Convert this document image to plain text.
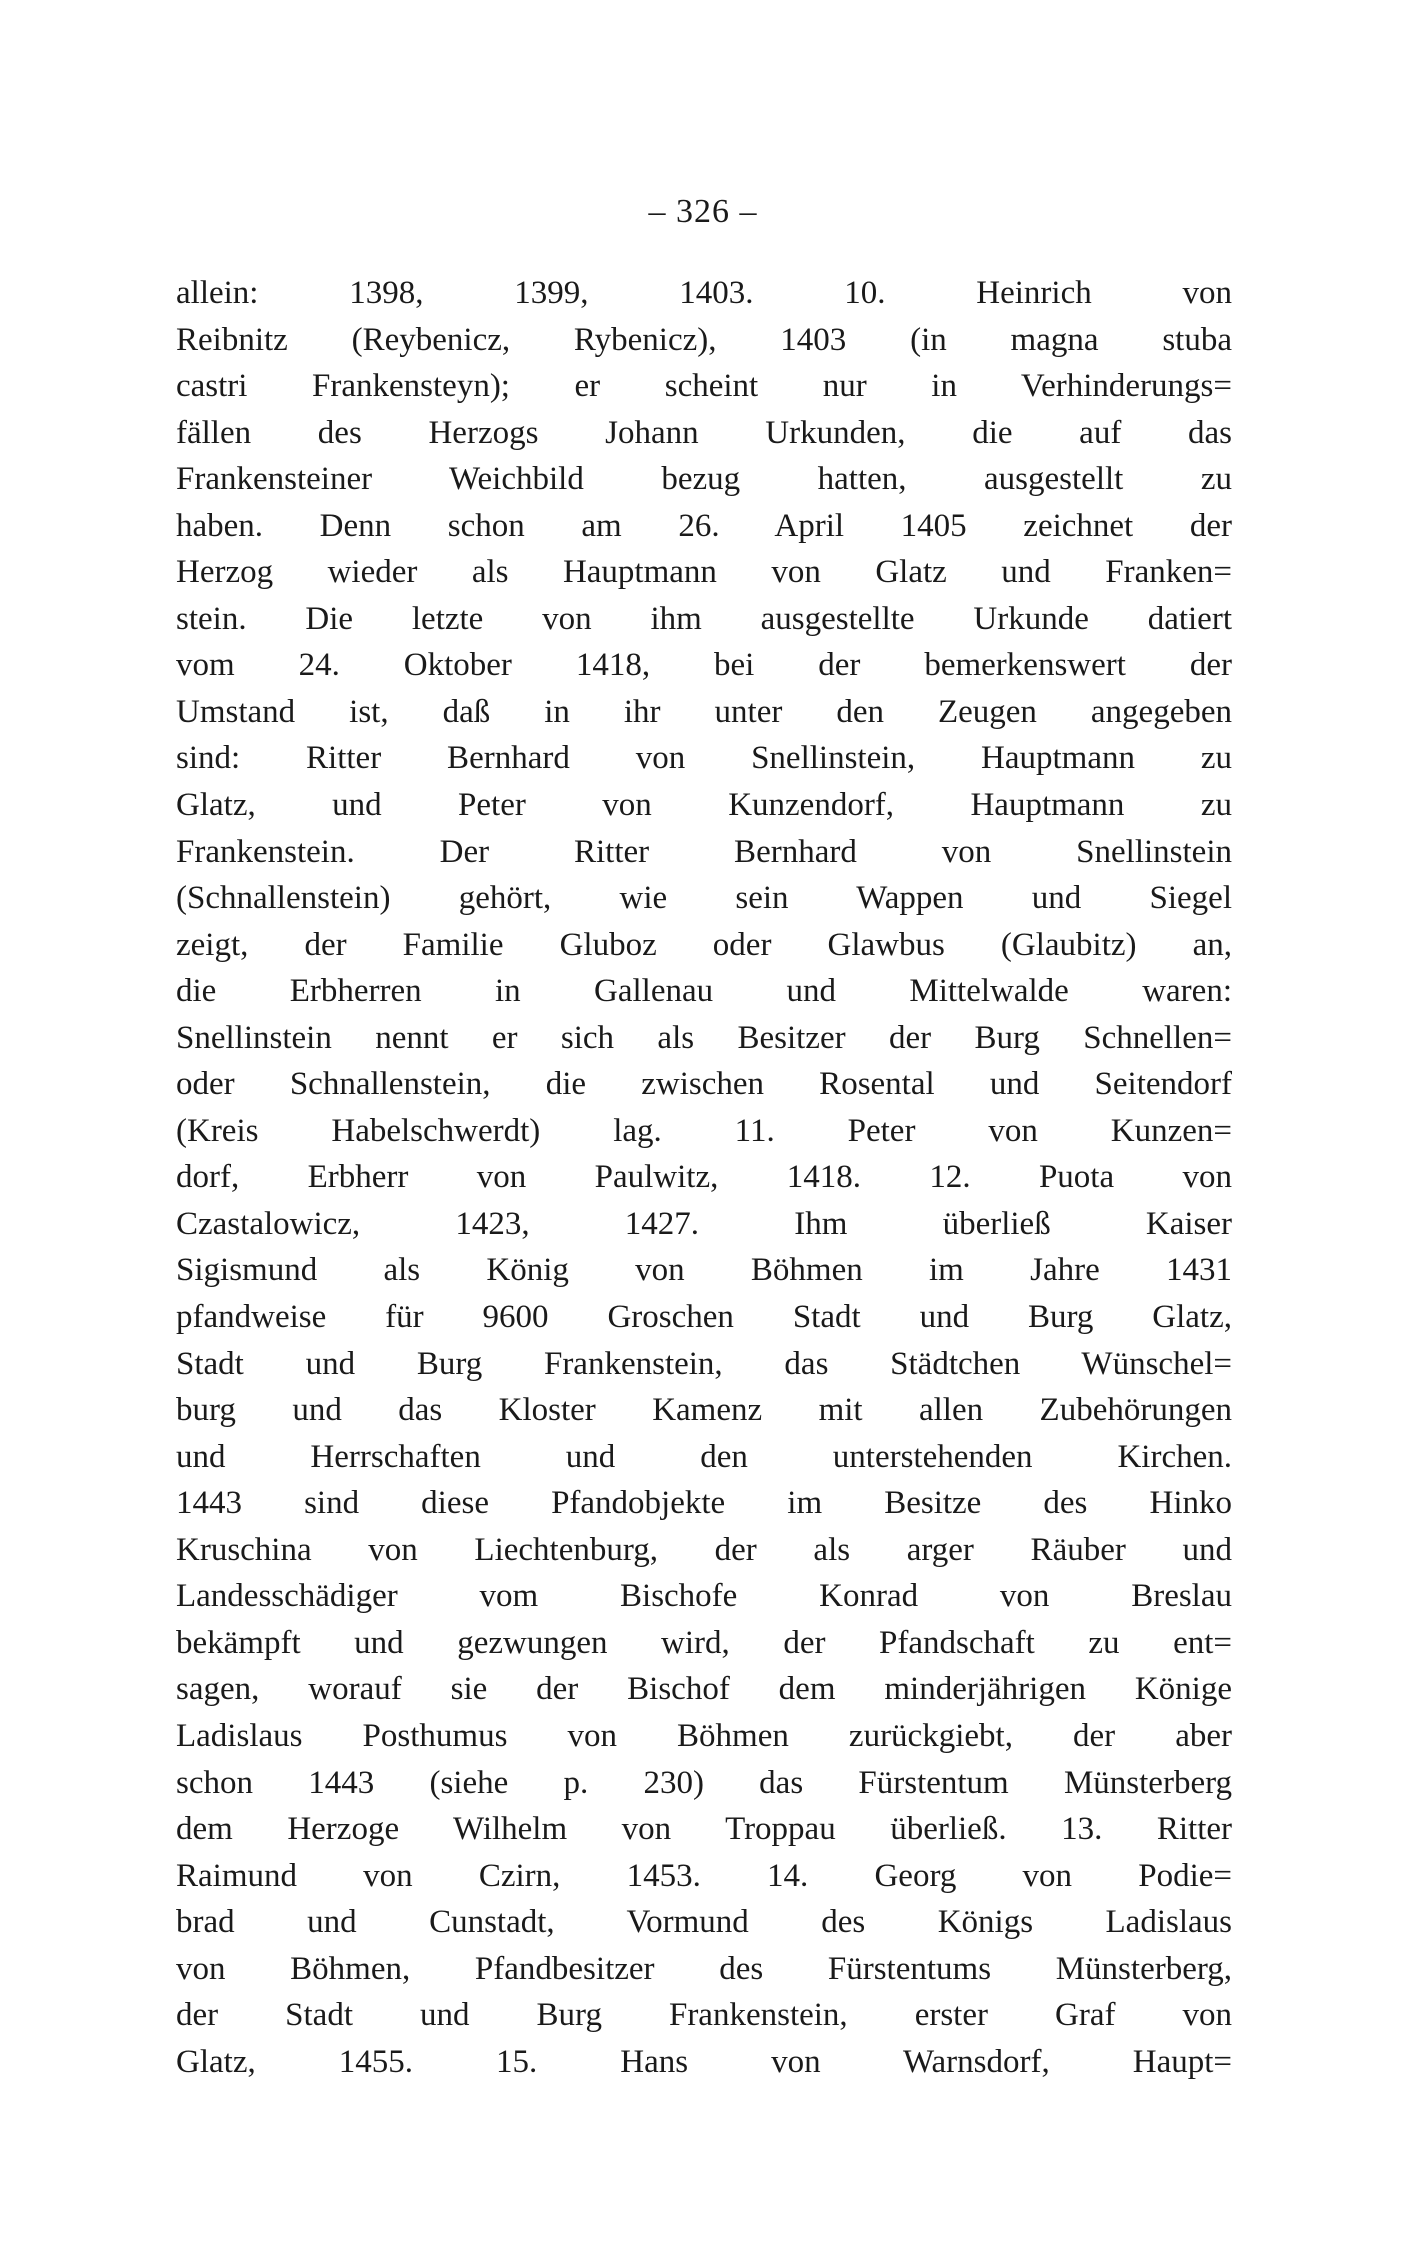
– 326 –
allein: 1398, 1399, 1403. 10. Heinrich von
Reibnitz (Reybenicz, Rybenicz), 1403 (in magna stuba
castri Frankensteyn); er scheint nur in Verhinderungs=
fällen des Herzogs Johann Urkunden, die auf das
Frankensteiner Weichbild bezug hatten, ausgestellt zu
haben. Denn schon am 26. April 1405 zeichnet der
Herzog wieder als Hauptmann von Glatz und Franken=
stein. Die letzte von ihm ausgestellte Urkunde datiert
vom 24. Oktober 1418, bei der bemerkenswert der
Umstand ist, daß in ihr unter den Zeugen angegeben
sind: Ritter Bernhard von Snellinstein, Hauptmann zu
Glatz, und Peter von Kunzendorf, Hauptmann zu
Frankenstein. Der Ritter Bernhard von Snellinstein
(Schnallenstein) gehört, wie sein Wappen und Siegel
zeigt, der Familie Gluboz oder Glawbus (Glaubitz) an,
die Erbherren in Gallenau und Mittelwalde waren:
Snellinstein nennt er sich als Besitzer der Burg Schnellen=
oder Schnallenstein, die zwischen Rosental und Seitendorf
(Kreis Habelschwerdt) lag. 11. Peter von Kunzen=
dorf, Erbherr von Paulwitz, 1418. 12. Puota von
Czastalowicz, 1423, 1427. Ihm überließ Kaiser
Sigismund als König von Böhmen im Jahre 1431
pfandweise für 9600 Groschen Stadt und Burg Glatz,
Stadt und Burg Frankenstein, das Städtchen Wünschel=
burg und das Kloster Kamenz mit allen Zubehörungen
und Herrschaften und den unterstehenden Kirchen.
1443 sind diese Pfandobjekte im Besitze des Hinko
Kruschina von Liechtenburg, der als arger Räuber und
Landesschädiger vom Bischofe Konrad von Breslau
bekämpft und gezwungen wird, der Pfandschaft zu ent=
sagen, worauf sie der Bischof dem minderjährigen Könige
Ladislaus Posthumus von Böhmen zurückgiebt, der aber
schon 1443 (siehe p. 230) das Fürstentum Münsterberg
dem Herzoge Wilhelm von Troppau überließ. 13. Ritter
Raimund von Czirn, 1453. 14. Georg von Podie=
brad und Cunstadt, Vormund des Königs Ladislaus
von Böhmen, Pfandbesitzer des Fürstentums Münsterberg,
der Stadt und Burg Frankenstein, erster Graf von
Glatz, 1455. 15. Hans von Warnsdorf, Haupt=
